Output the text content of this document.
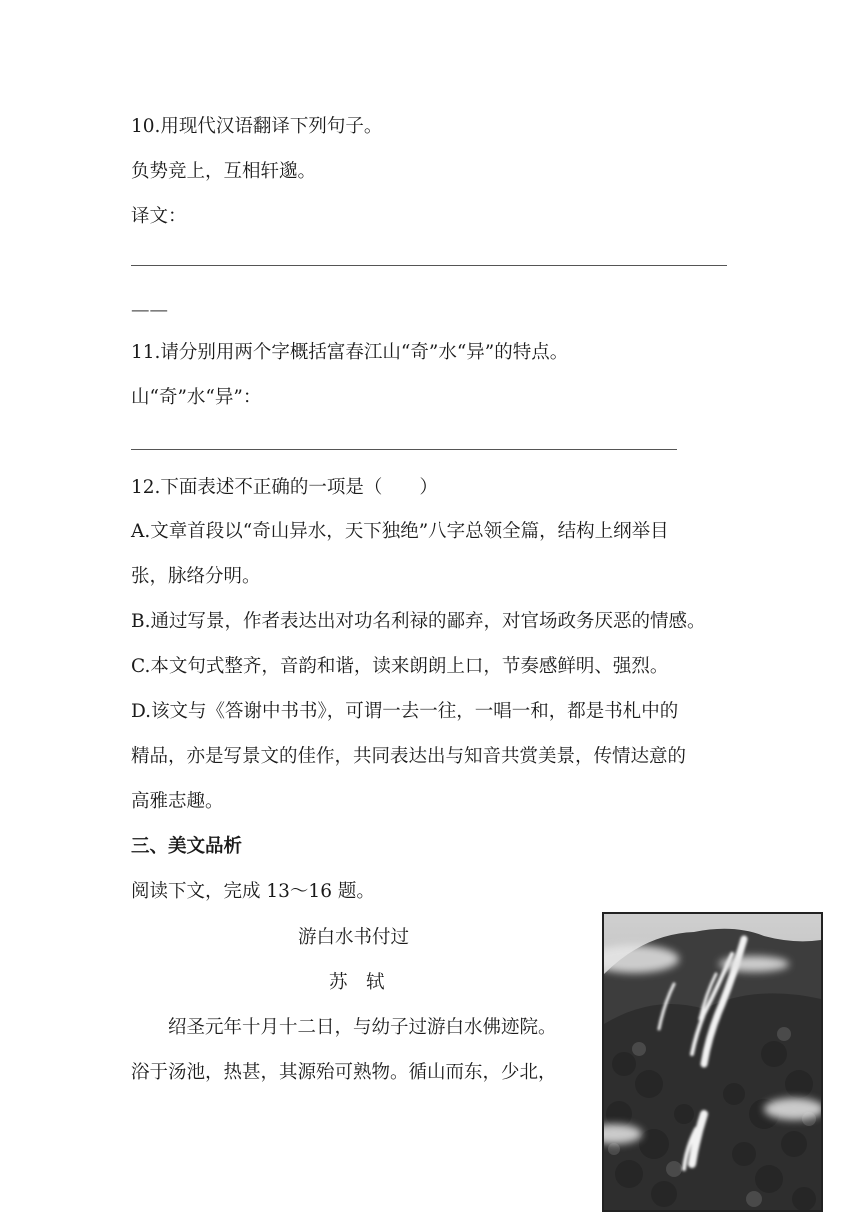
10.用现代汉语翻译下列句子。
负势竞上，互相轩邈。
译文：
——
11.请分别用两个字概括富春江山“奇”水“异”的特点。
山“奇”水“异”：
12.下面表述不正确的一项是（　　）
A.文章首段以“奇山异水，天下独绝”八字总领全篇，结构上纲举目
张，脉络分明。
B.通过写景，作者表达出对功名利禄的鄙弃，对官场政务厌恶的情感。
C.本文句式整齐，音韵和谐，读来朗朗上口，节奏感鲜明、强烈。
D.该文与《答谢中书书》，可谓一去一往，一唱一和，都是书札中的
精品，亦是写景文的佳作，共同表达出与知音共赏美景，传情达意的
高雅志趣。
三、美文品析
阅读下文，完成 13～16 题。
游白水书付过
苏　轼
绍圣元年十月十二日，与幼子过游白水佛迹院。
浴于汤池，热甚，其源殆可熟物。循山而东，少北，
